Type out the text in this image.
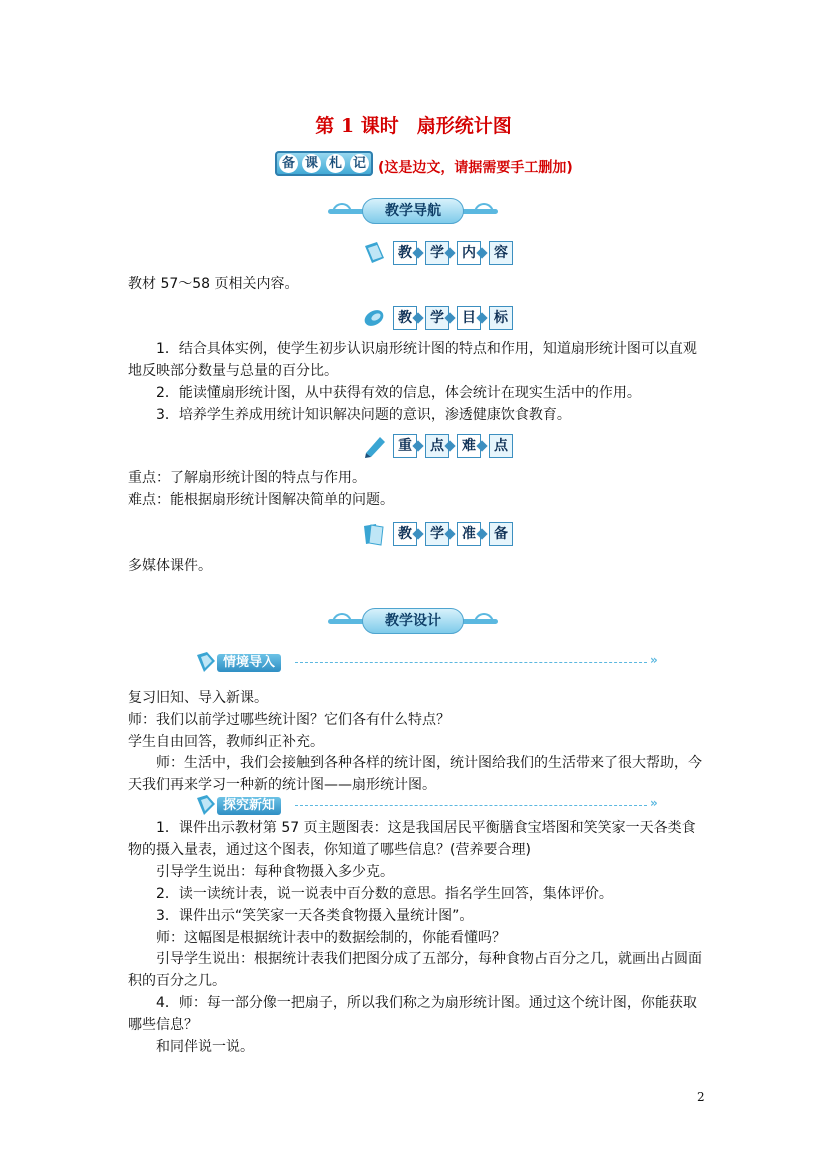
第 1 课时 扇形统计图
备 课 札 记 (这是边文，请据需要手工删加)
教学导航
教	学	内	容
教材 57～58 页相关内容。
教	学	目	标
1．结合具体实例，使学生初步认识扇形统计图的特点和作用，知道扇形统计图可以直观地反映部分数量与总量的百分比。
2．能读懂扇形统计图，从中获得有效的信息，体会统计在现实生活中的作用。
3．培养学生养成用统计知识解决问题的意识，渗透健康饮食教育。
重	点	难	点
重点：了解扇形统计图的特点与作用。
难点：能根据扇形统计图解决简单的问题。
教	学	准	备
多媒体课件。
教学设计
情境导入	»
复习旧知、导入新课。
师：我们以前学过哪些统计图？它们各有什么特点？
学生自由回答，教师纠正补充。
师：生活中，我们会接触到各种各样的统计图，统计图给我们的生活带来了很大帮助，今天我们再来学习一种新的统计图——扇形统计图。
探究新知	»
1．课件出示教材第 57 页主题图表：这是我国居民平衡膳食宝塔图和笑笑家一天各类食物的摄入量表，通过这个图表，你知道了哪些信息？(营养要合理)
引导学生说出：每种食物摄入多少克。
2．读一读统计表，说一说表中百分数的意思。指名学生回答，集体评价。
3．课件出示“笑笑家一天各类食物摄入量统计图”。
师：这幅图是根据统计表中的数据绘制的，你能看懂吗？
引导学生说出：根据统计表我们把图分成了五部分，每种食物占百分之几，就画出占圆面积的百分之几。
4．师：每一部分像一把扇子，所以我们称之为扇形统计图。通过这个统计图，你能获取哪些信息？
和同伴说一说。
2
